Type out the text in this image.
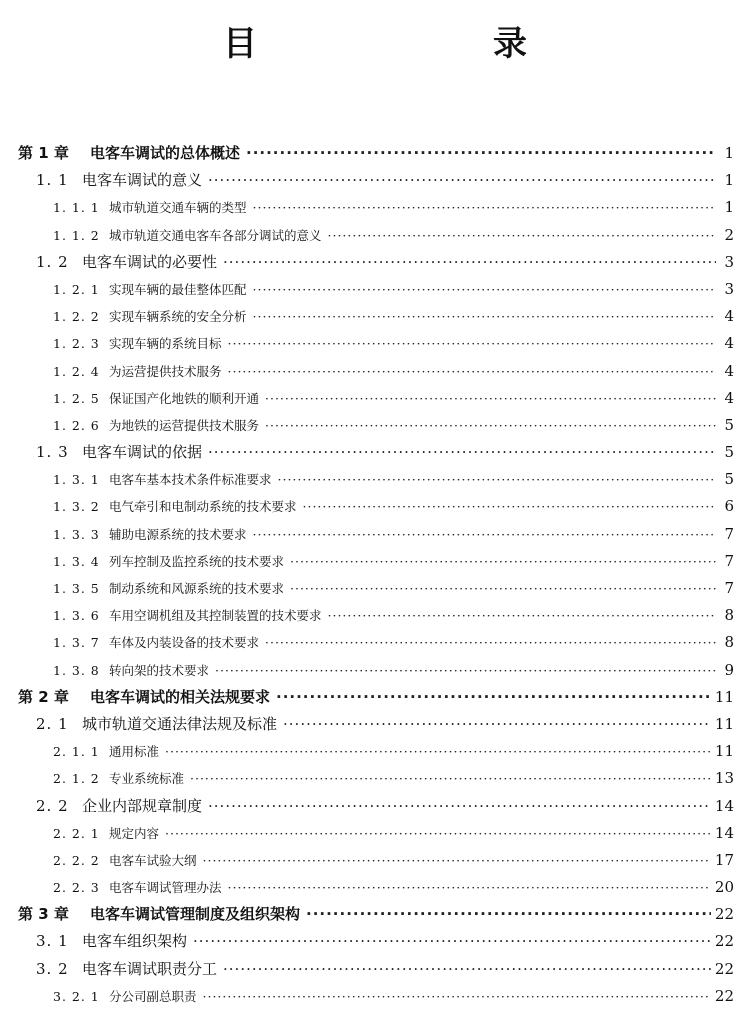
目　　录
第 1 章	电客车调试的总体概述 ·····	1
1. 1 电客车调试的意义 ·····	1
1. 1. 1 城市轨道交通车辆的类型 ·····	1
1. 1. 2 城市轨道交通电客车各部分调试的意义 ·····	2
1. 2 电客车调试的必要性 ·····	3
1. 2. 1 实现车辆的最佳整体匹配 ·····	3
1. 2. 2 实现车辆系统的安全分析 ·····	4
1. 2. 3 实现车辆的系统目标 ·····	4
1. 2. 4 为运营提供技术服务 ·····	4
1. 2. 5 保证国产化地铁的顺利开通 ·····	4
1. 2. 6 为地铁的运营提供技术服务 ·····	5
1. 3 电客车调试的依据 ·····	5
1. 3. 1 电客车基本技术条件标准要求 ·····	5
1. 3. 2 电气牵引和电制动系统的技术要求 ·····	6
1. 3. 3 辅助电源系统的技术要求 ·····	7
1. 3. 4 列车控制及监控系统的技术要求 ·····	7
1. 3. 5 制动系统和风源系统的技术要求 ·····	7
1. 3. 6 车用空调机组及其控制装置的技术要求 ·····	8
1. 3. 7 车体及内装设备的技术要求 ·····	8
1. 3. 8 转向架的技术要求 ·····	9
第 2 章	电客车调试的相关法规要求 ·····	11
2. 1 城市轨道交通法律法规及标准 ·····	11
2. 1. 1 通用标准 ·····	11
2. 1. 2 专业系统标准 ·····	13
2. 2 企业内部规章制度 ·····	14
2. 2. 1 规定内容 ·····	14
2. 2. 2 电客车试验大纲 ·····	17
2. 2. 3 电客车调试管理办法 ·····	20
第 3 章	电客车调试管理制度及组织架构 ·····	22
3. 1 电客车组织架构 ·····	22
3. 2 电客车调试职责分工 ·····	22
3. 2. 1 分公司副总职责 ·····	22
